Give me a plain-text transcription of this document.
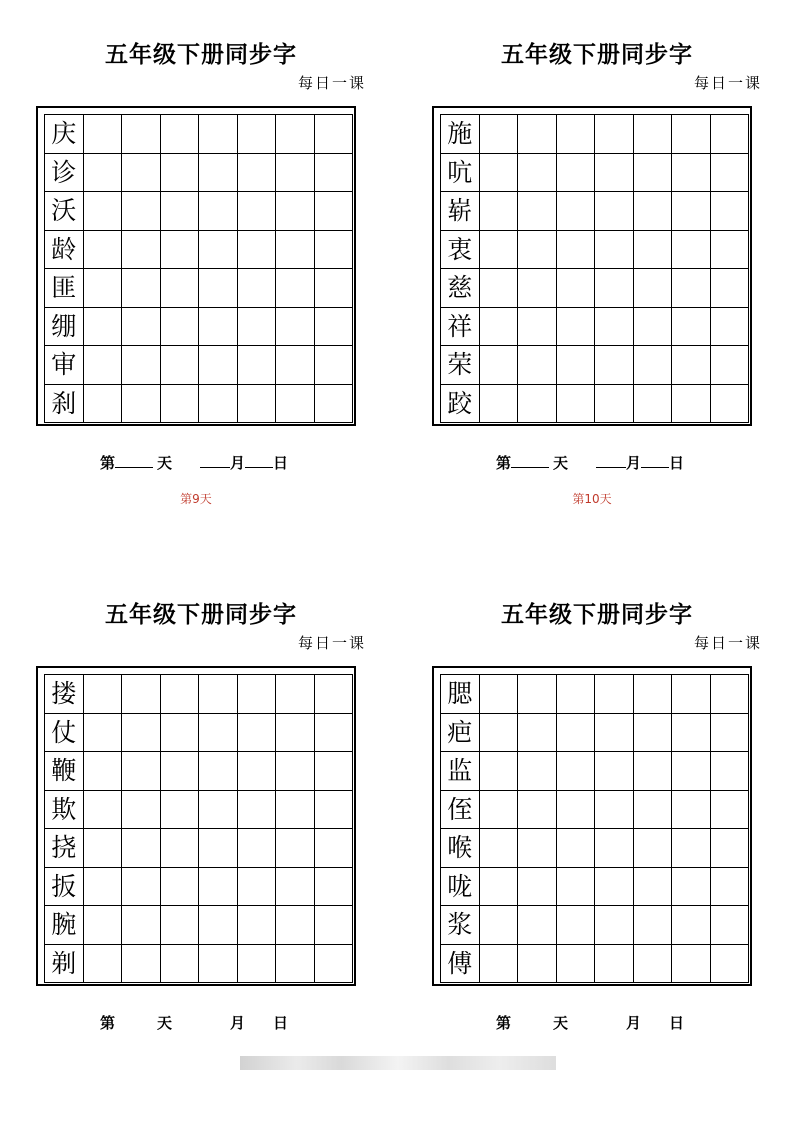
五年级下册同步字
每日一课
庆
诊
沃
龄
匪
绷
审
刹
第	天	月 日
第9天
五年级下册同步字
每日一课
施
吭
崭
衷
慈
祥
荣
跤
第	天	月 日
第10天
五年级下册同步字
每日一课
搂
仗
鞭
欺
挠
扳
腕
剃
第	天	月 日
五年级下册同步字
每日一课
腮
疤
监
侄
喉
咙
浆
傅
第	天	月 日
